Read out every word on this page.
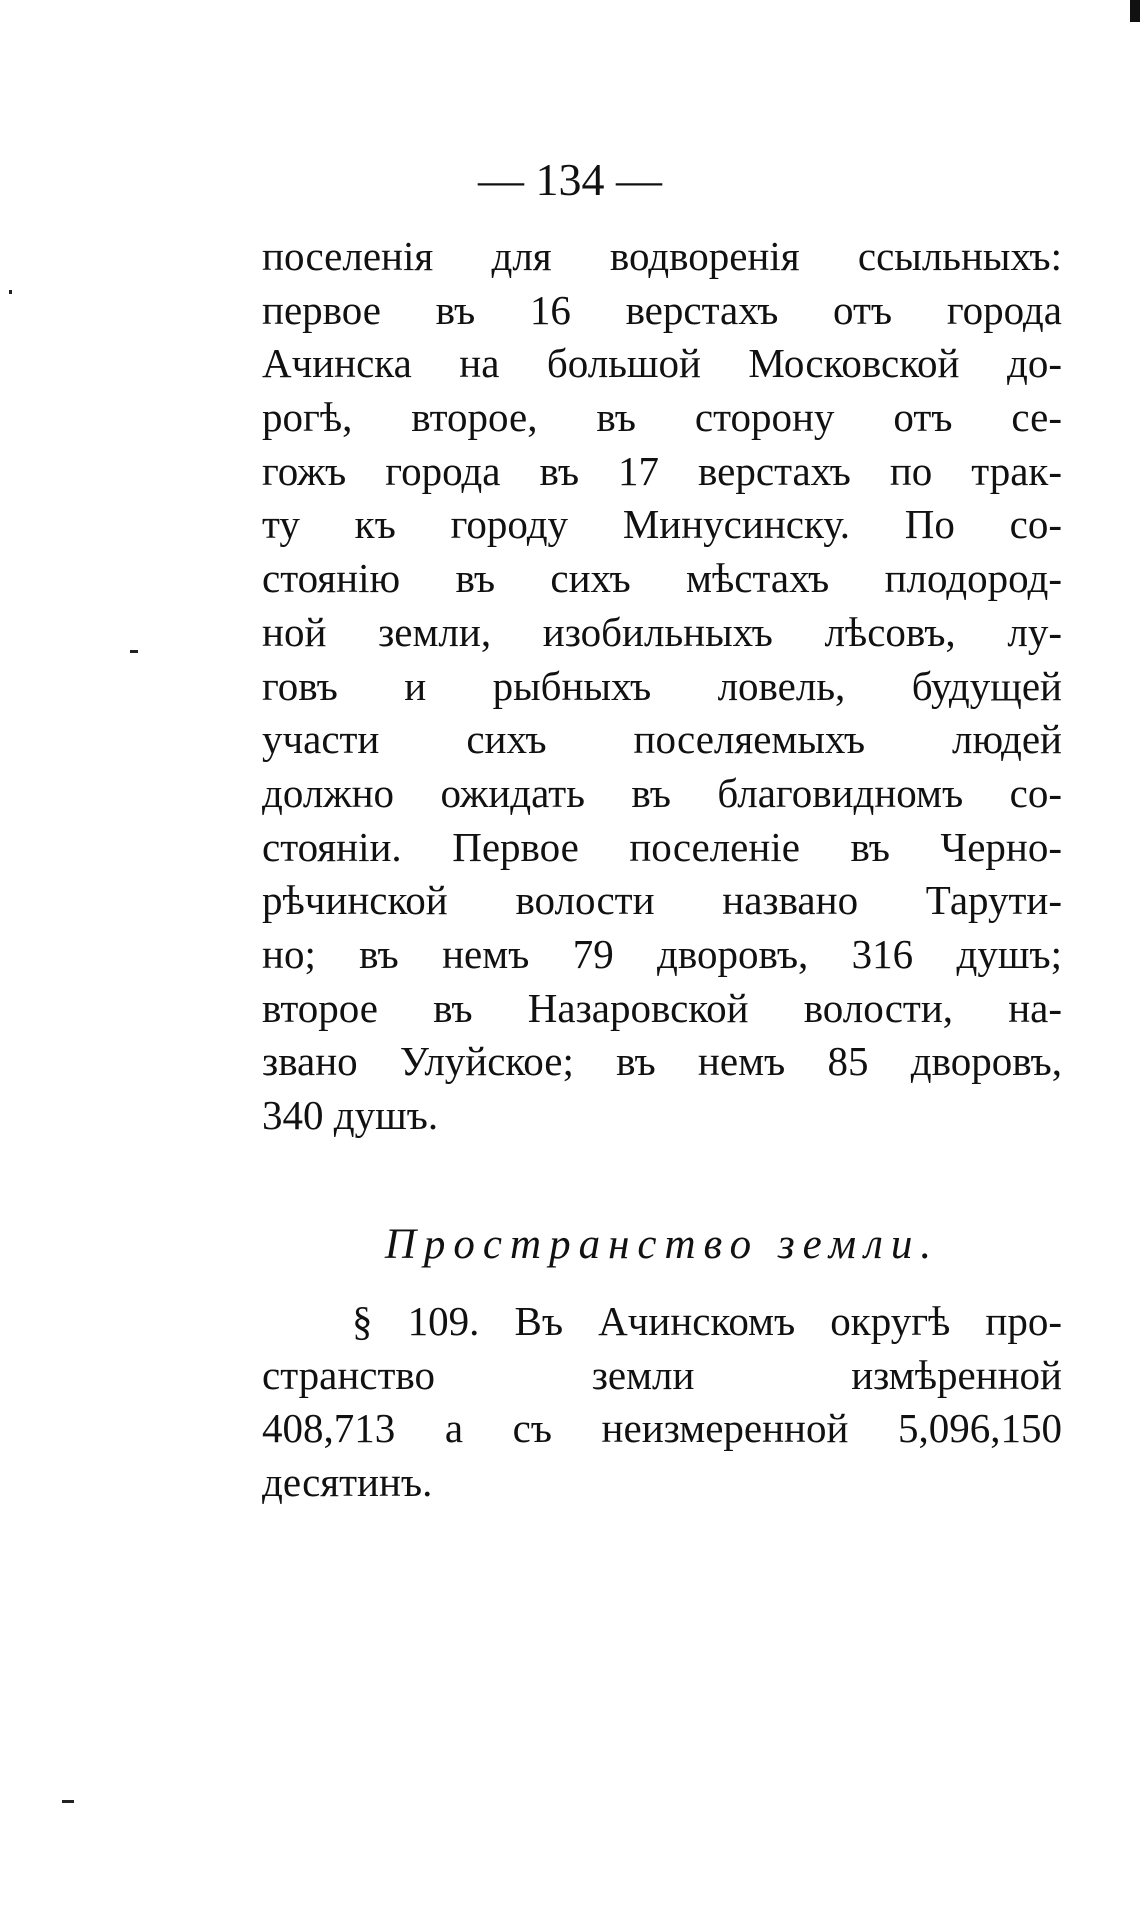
— 134 —
поселенія для водворенія ссыльныхъ:
первое въ 16 верстахъ отъ города
Ачинска на большой Московской до-
рогѣ, второе, въ сторону отъ се-
гожъ города въ 17 верстахъ по трак-
ту къ городу Минусинску. По со-
стоянію въ сихъ мѣстахъ плодород-
ной земли, изобильныхъ лѣсовъ, лу-
говъ и рыбныхъ ловель, будущей
участи сихъ поселяемыхъ людей
должно ожидать въ благовидномъ со-
стояніи. Первое поселеніе въ Черно-
рѣчинской волости названо Тарути-
но; въ немъ 79 дворовъ, 316 душъ;
второе въ Назаровской волости, на-
звано Улуйское; въ немъ 85 дворовъ,
340 душъ.
Пространство земли.
§ 109. Въ Ачинскомъ округѣ про-
странство земли измѣренной
408,713 а съ неизмеренной 5,096,150
десятинъ.
